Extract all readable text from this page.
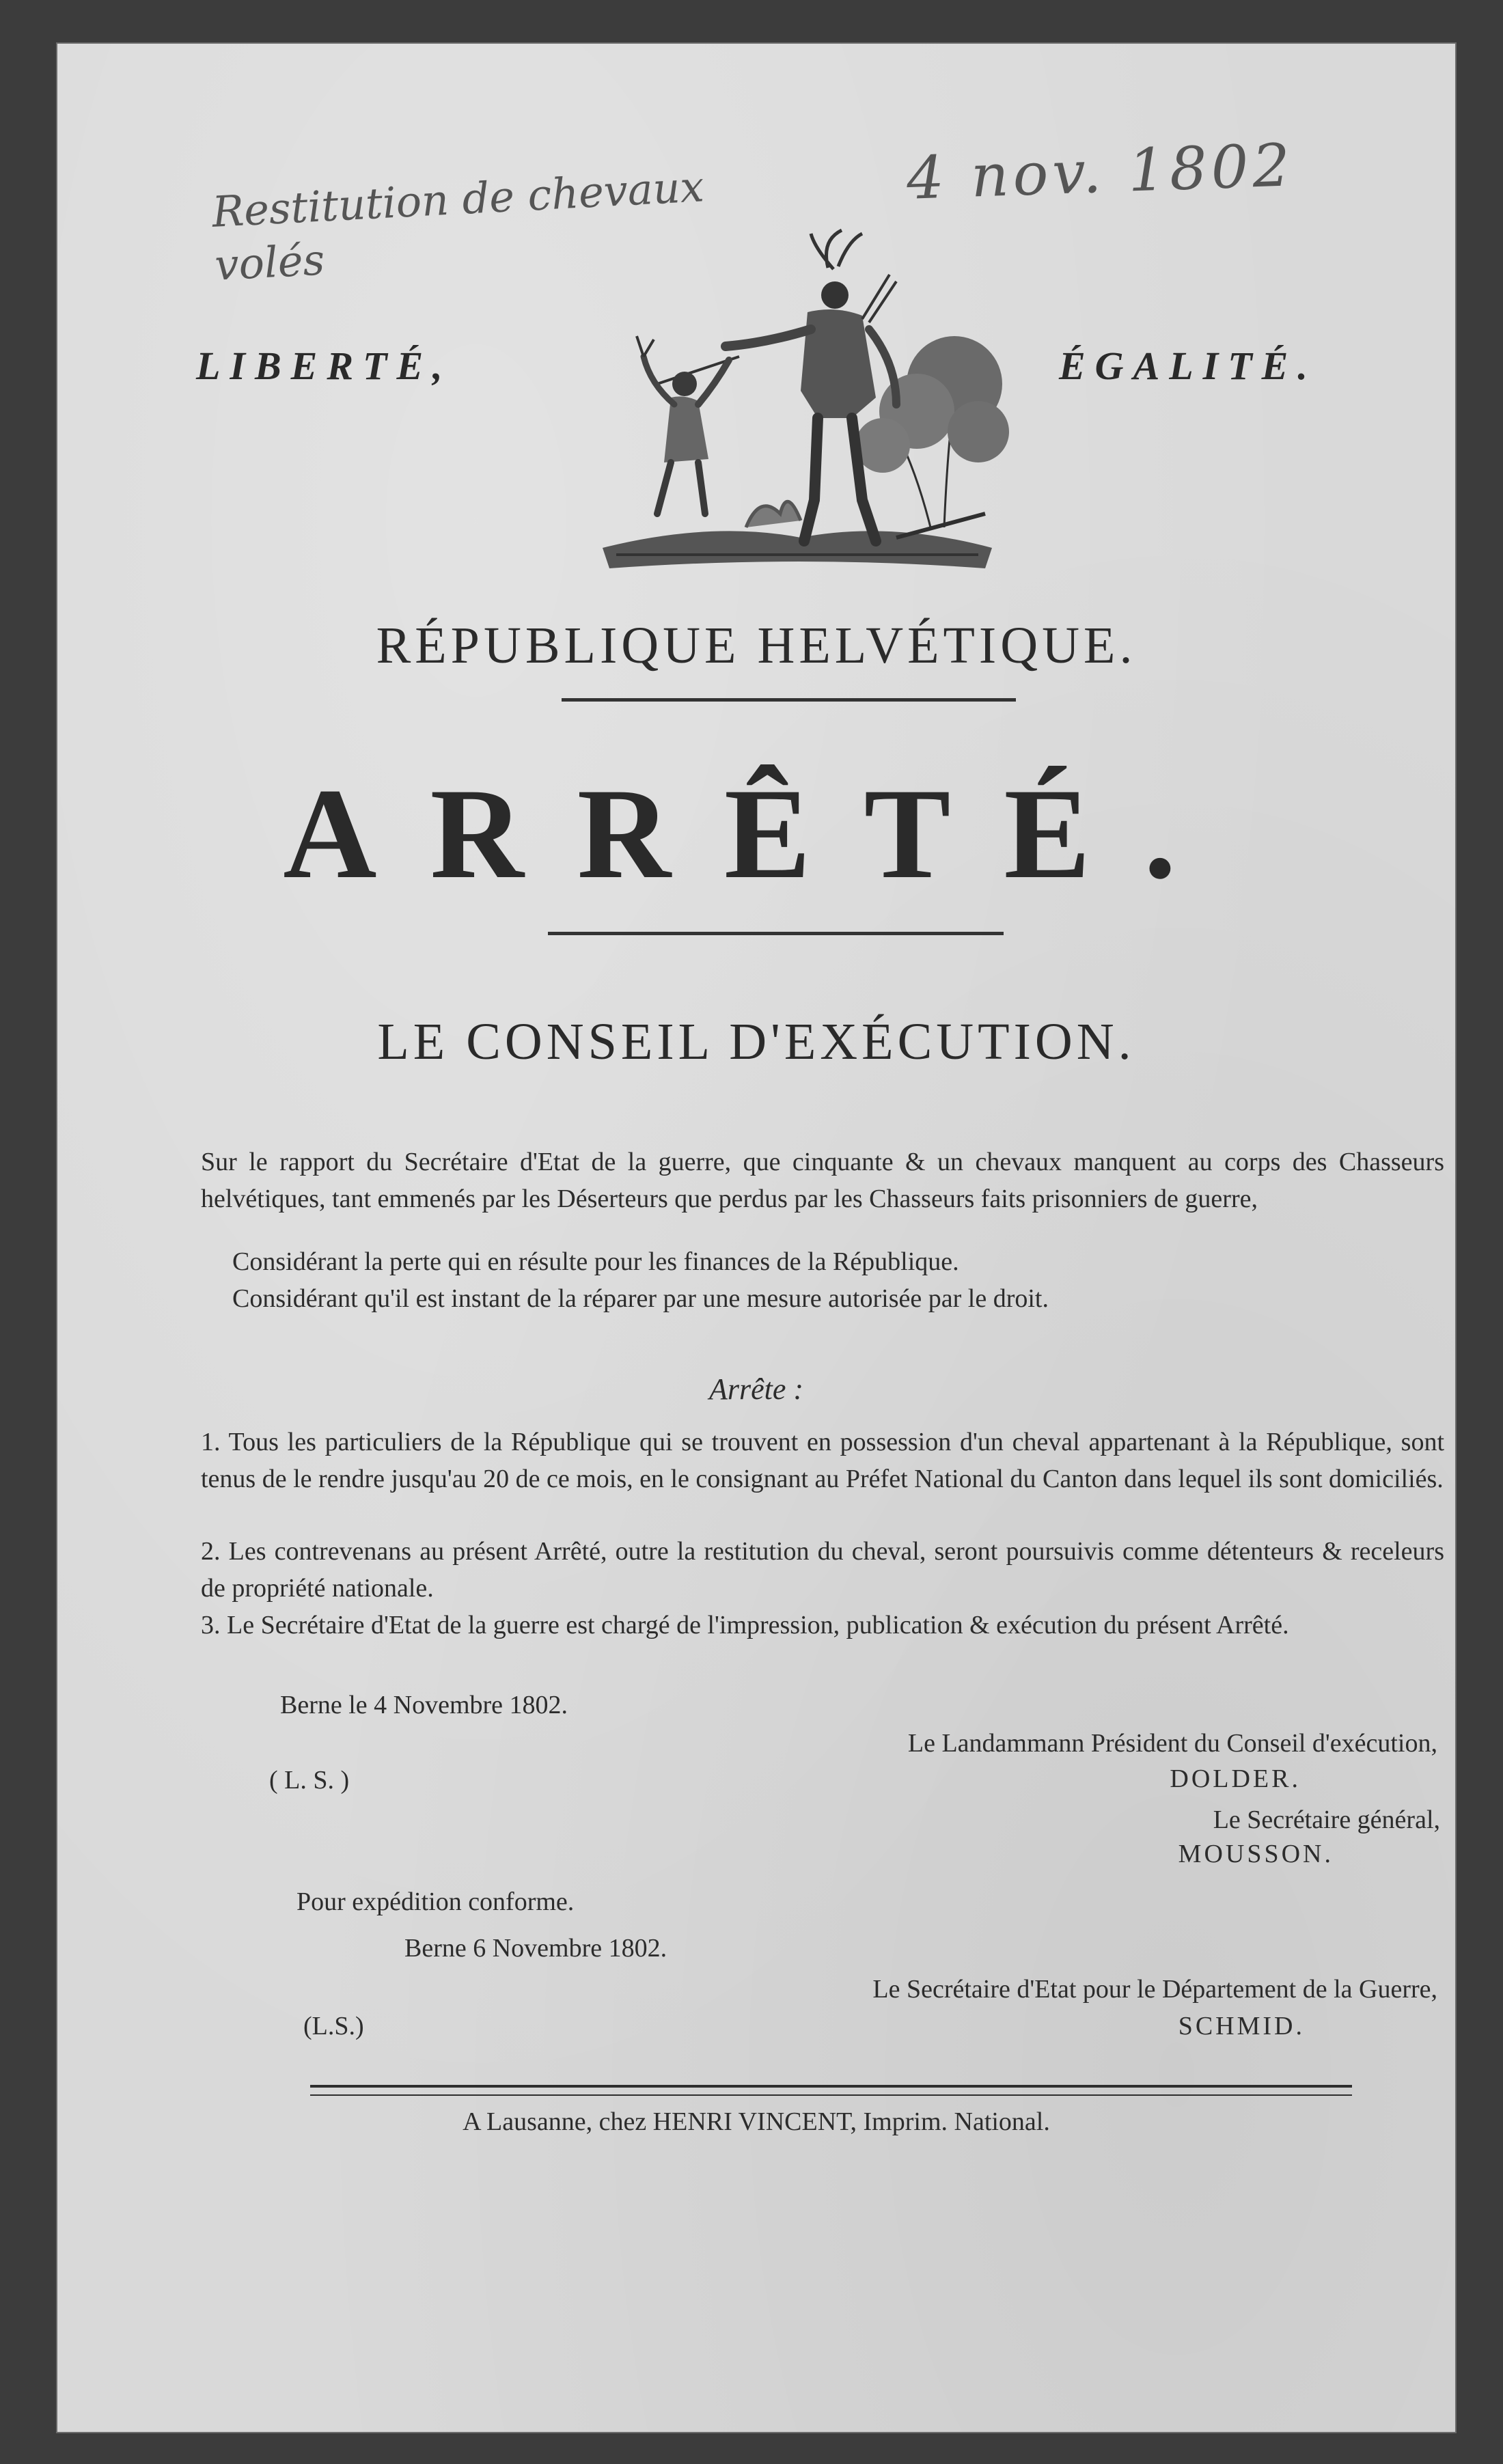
Restitution de chevaux volés
4 nov. 1802
LIBERTÉ,	ÉGALITÉ.
RÉPUBLIQUE HELVÉTIQUE.
ARRÊTÉ.
LE CONSEIL D'EXÉCUTION.

Sur le rapport du Secrétaire d'Etat de la guerre, que cinquante & un chevaux manquent au corps des Chasseurs helvétiques, tant emmenés par les Déserteurs que perdus par les Chasseurs faits prisonniers de guerre,

Considérant la perte qui en résulte pour les finances de la République.

Considérant qu'il est instant de la réparer par une mesure autorisée par le droit.

Arrête :

1. Tous les particuliers de la République qui se trouvent en possession d'un cheval appartenant à la République, sont tenus de le rendre jusqu'au 20 de ce mois, en le consignant au Préfet National du Canton dans lequel ils sont domiciliés.

2. Les contrevenans au présent Arrêté, outre la restitution du cheval, seront poursuivis comme détenteurs & receleurs de propriété nationale.

3. Le Secrétaire d'Etat de la guerre est chargé de l'impression, publication & exécution du présent Arrêté.

Berne le 4 Novembre 1802.
( L. S. )
Le Landammann Président du Conseil d'exécution,
DOLDER.
Le Secrétaire général,
MOUSSON.
Pour expédition conforme.
Berne 6 Novembre 1802.
Le Secrétaire d'Etat pour le Département de la Guerre,
(L.S.)	SCHMID.
A Lausanne, chez HENRI VINCENT, Imprim. National.
